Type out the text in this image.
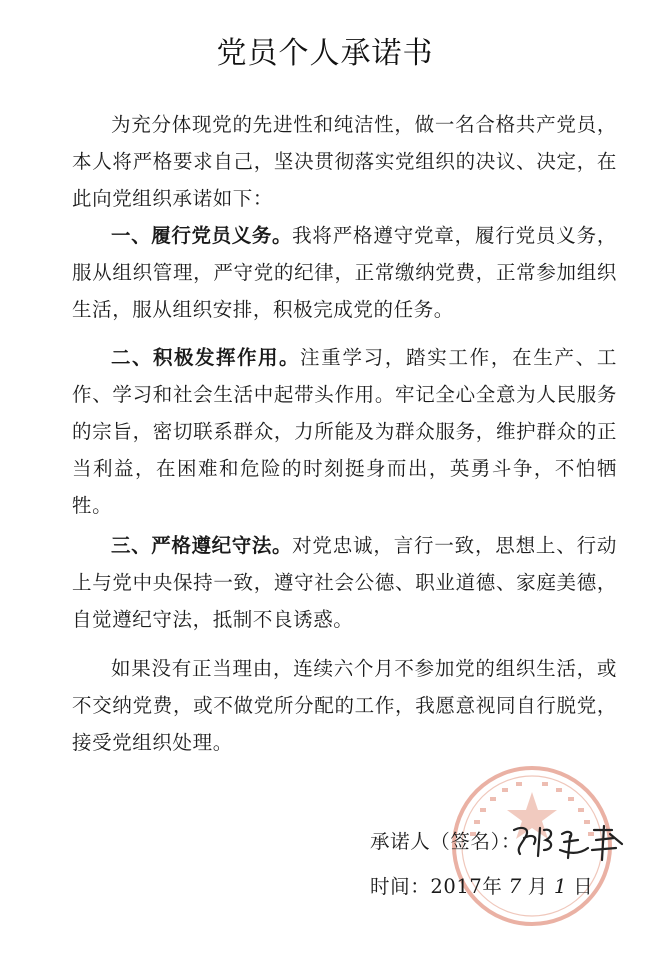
党员个人承诺书

为充分体现党的先进性和纯洁性，做一名合格共产党员，本人将严格要求自己，坚决贯彻落实党组织的决议、决定，在此向党组织承诺如下：

一、履行党员义务。我将严格遵守党章，履行党员义务，服从组织管理，严守党的纪律，正常缴纳党费，正常参加组织生活，服从组织安排，积极完成党的任务。

二、积极发挥作用。注重学习，踏实工作，在生产、工作、学习和社会生活中起带头作用。牢记全心全意为人民服务的宗旨，密切联系群众，力所能及为群众服务，维护群众的正当利益，在困难和危险的时刻挺身而出，英勇斗争，不怕牺牲。

三、严格遵纪守法。对党忠诚，言行一致，思想上、行动上与党中央保持一致，遵守社会公德、职业道德、家庭美德，自觉遵纪守法，抵制不良诱惑。

如果没有正当理由，连续六个月不参加党的组织生活，或不交纳党费，或不做党所分配的工作，我愿意视同自行脱党，接受党组织处理。

承诺人（签名）：
时间：2017年 7 月 1 日
